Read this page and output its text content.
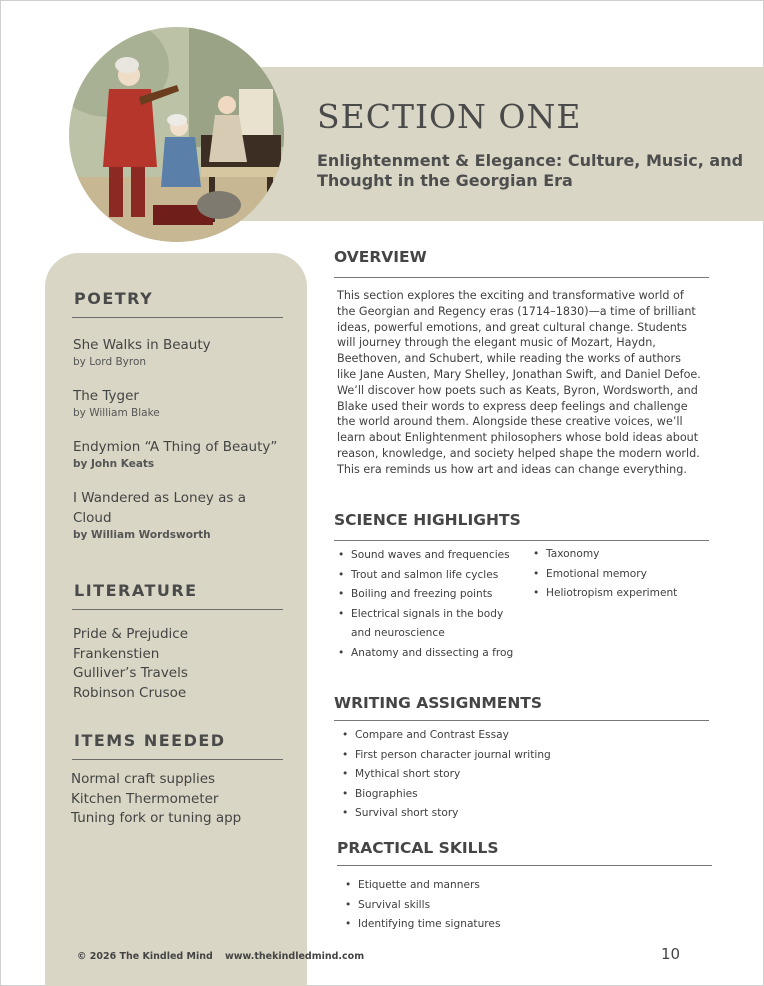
SECTION ONE
Enlightenment & Elegance: Culture, Music, and Thought in the Georgian Era
POETRY
She Walks in Beauty
by Lord Byron
The Tyger
by William Blake
Endymion “A Thing of Beauty”
by John Keats
I Wandered as Loney as a Cloud
by William Wordsworth
LITERATURE
Pride & Prejudice
Frankenstien
Gulliver’s Travels
Robinson Crusoe
ITEMS NEEDED
Normal craft supplies
Kitchen Thermometer
Tuning fork or tuning app
OVERVIEW

This section explores the exciting and transformative world of the Georgian and Regency eras (1714–1830)—a time of brilliant ideas, powerful emotions, and great cultural change. Students will journey through the elegant music of Mozart, Haydn, Beethoven, and Schubert, while reading the works of authors like Jane Austen, Mary Shelley, Jonathan Swift, and Daniel Defoe. We’ll discover how poets such as Keats, Byron, Wordsworth, and Blake used their words to express deep feelings and challenge the world around them. Alongside these creative voices, we’ll learn about Enlightenment philosophers whose bold ideas about reason, knowledge, and society helped shape the modern world. This era reminds us how art and ideas can change everything.

SCIENCE HIGHLIGHTS
• Sound waves and frequencies
• Trout and salmon life cycles
• Boiling and freezing points
• Electrical signals in the body and neuroscience
• Anatomy and dissecting a frog
• Taxonomy
• Emotional memory
• Heliotropism experiment
WRITING ASSIGNMENTS
• Compare and Contrast Essay
• First person character journal writing
• Mythical short story
• Biographies
• Survival short story
PRACTICAL SKILLS
• Etiquette and manners
• Survival skills
• Identifying time signatures
© 2026 The Kindled Mind www.thekindledmind.com	10
